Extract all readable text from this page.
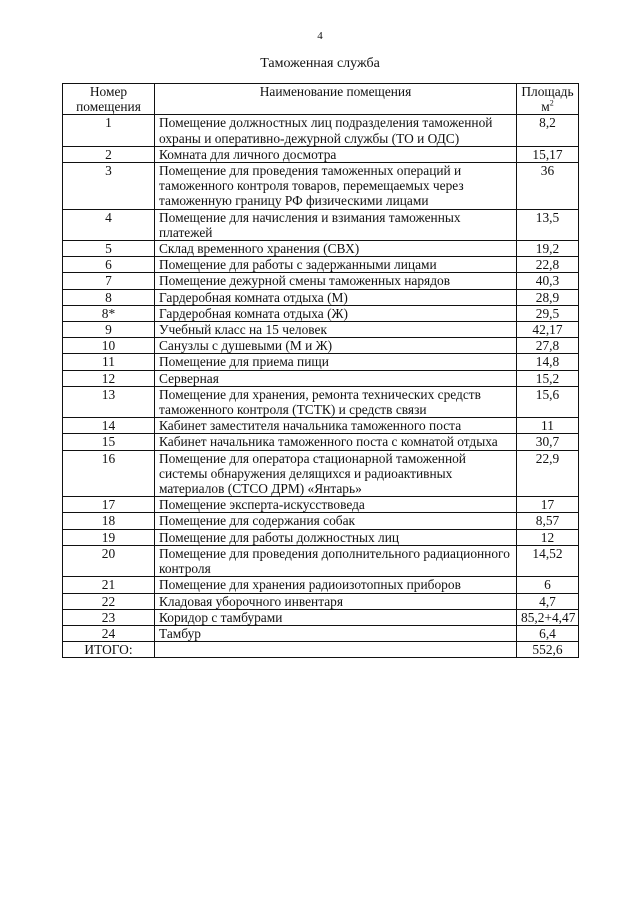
4
Таможенная служба
Номер помещения	Наименование помещения	Площадь $м^2$
1	Помещение должностных лиц подразделения таможенной охраны и оперативно-дежурной службы (ТО и ОДС)	8,2
2	Комната для личного досмотра	15,17
3	Помещение для проведения таможенных операций и таможенного контроля товаров, перемещаемых через таможенную границу РФ физическими лицами	36
4	Помещение для начисления и взимания таможенных платежей	13,5
5	Склад временного хранения (СВХ)	19,2
6	Помещение для работы с задержанными лицами	22,8
7	Помещение дежурной смены таможенных нарядов	40,3
8	Гардеробная комната отдыха (М)	28,9
8*	Гардеробная комната отдыха (Ж)	29,5
9	Учебный класс на 15 человек	42,17
10	Санузлы с душевыми (М и Ж)	27,8
11	Помещение для приема пищи	14,8
12	Серверная	15,2
13	Помещение для хранения, ремонта технических средств таможенного контроля (ТСТК) и средств связи	15,6
14	Кабинет заместителя начальника таможенного поста	11
15	Кабинет начальника таможенного поста с комнатой отдыха	30,7
16	Помещение для оператора стационарной таможенной системы обнаружения делящихся и радиоактивных материалов (СТСО ДРМ) «Янтарь»	22,9
17	Помещение эксперта-искусствоведа	17
18	Помещение для содержания собак	8,57
19	Помещение для работы должностных лиц	12
20	Помещение для проведения дополнительного радиационного контроля	14,52
21	Помещение для хранения радиоизотопных приборов	6
22	Кладовая уборочного инвентаря	4,7
23	Коридор с тамбурами	85,2+4,47
24	Тамбур	6,4
ИТОГО:		552,6
